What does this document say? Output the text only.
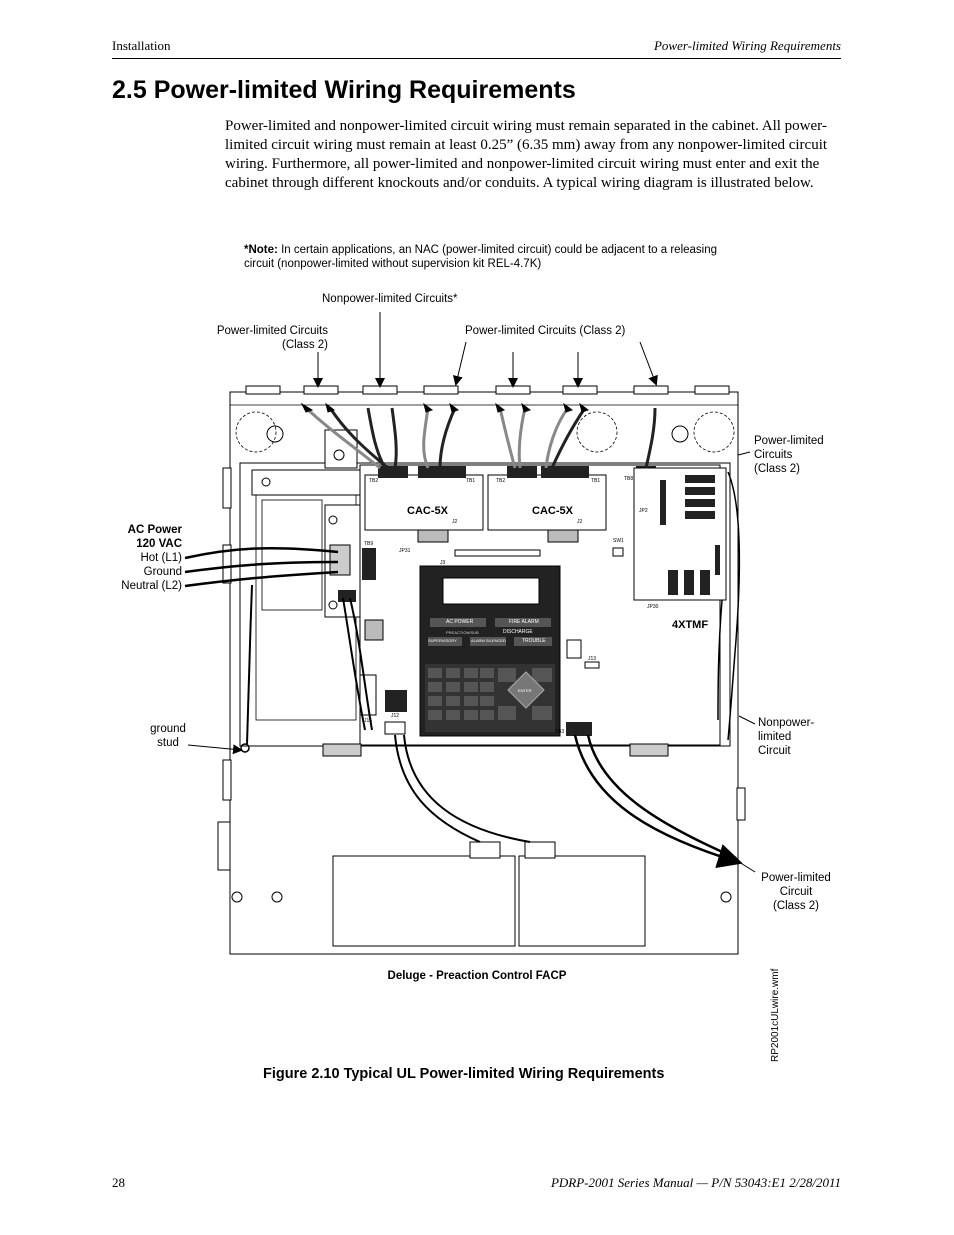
Installation	Power-limited Wiring Requirements
2.5 Power-limited Wiring Requirements

Power-limited and nonpower-limited circuit wiring must remain separated in the cabinet. All power-limited circuit wiring must remain at least 0.25” (6.35 mm) away from any nonpower-limited circuit wiring. Furthermore, all power-limited and nonpower-limited circuit wiring must enter and exit the cabinet through different knockouts and/or conduits. A typical wiring diagram is illustrated below.

*Note: In certain applications, an NAC (power-limited circuit) could be adjacent to a releasing circuit (nonpower-limited without supervision kit REL-4.7K)
Nonpower-limited Circuits*
Power-limited Circuits
(Class 2)
Power-limited Circuits (Class 2)
Power-limited
Circuits
(Class 2)
AC Power
120 VAC
Hot (L1)
Ground
Neutral (L2)
ground
stud
Nonpower-
limited
Circuit
Power-limited
Circuit
(Class 2)
CAC-5X	CAC-5X
4XTMF
TB2	TB1	TB2	TB1	TB8
TB9
JP31
J3
JP2
SW1
JP30
J13
J12
J15
TB3
J2	J2
AC POWER	FIRE ALARM
PREACTION/SUB	DISCHARGE
SUPERVISORY	ALARM SILENCED	TROUBLE
ENTER
Deluge - Preaction Control FACP	RP2001cULwire.wmf
Figure 2.10 Typical UL Power-limited Wiring Requirements
28	PDRP-2001 Series Manual — P/N 53043:E1 2/28/2011
